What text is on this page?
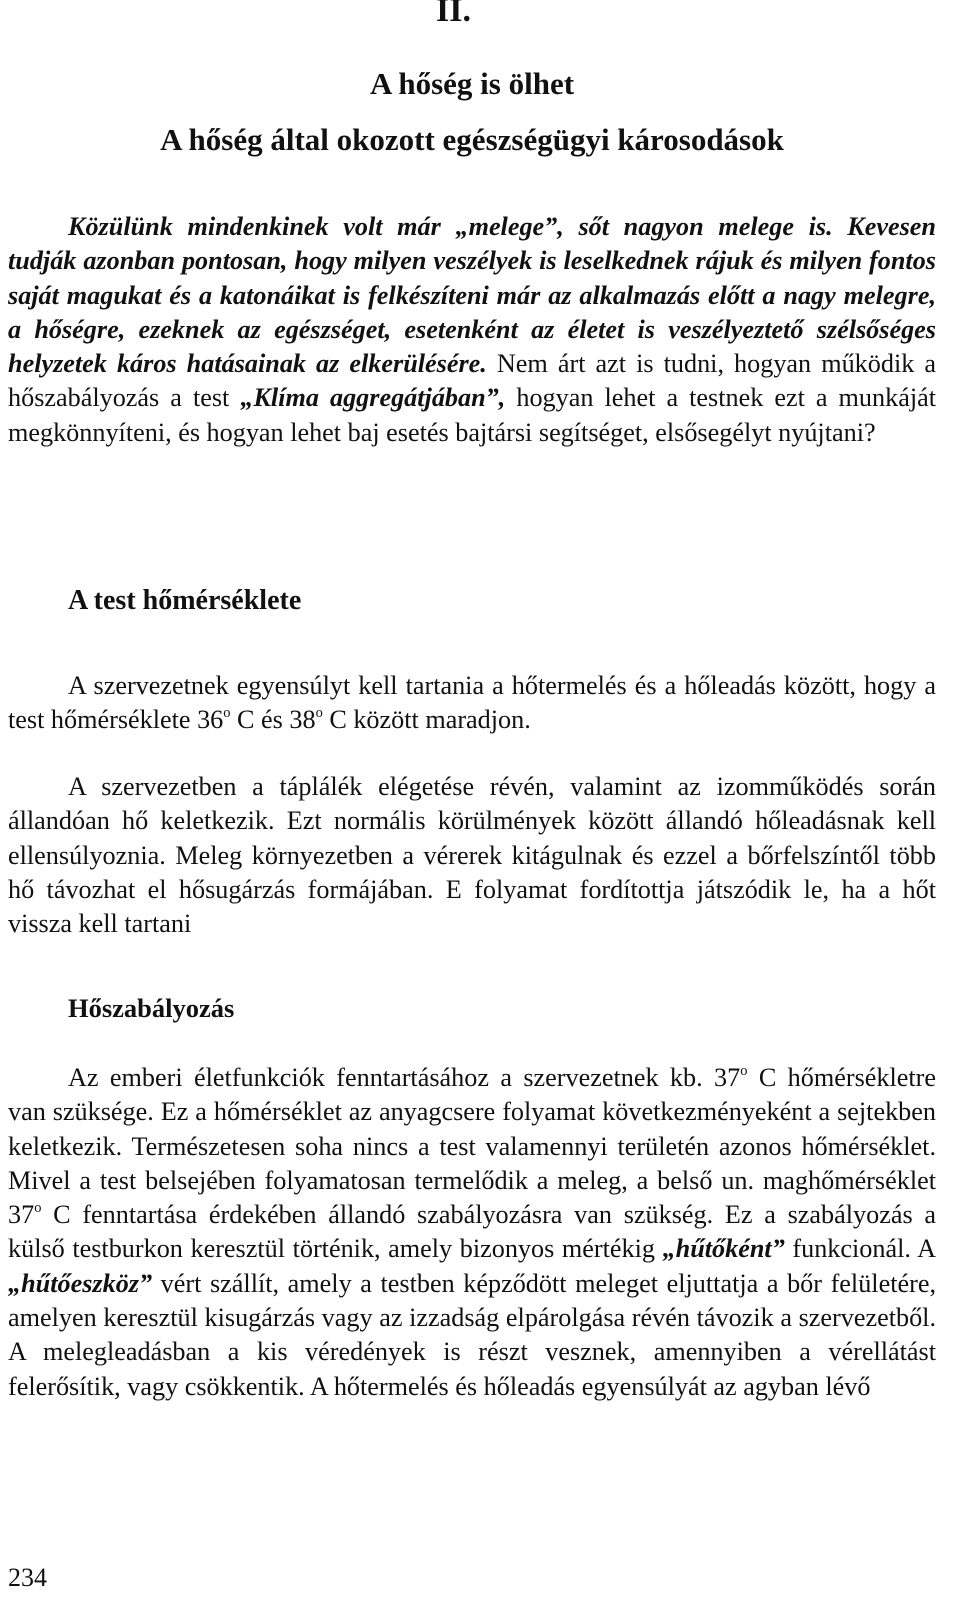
II.
A hőség is ölhet
A hőség által okozott egészségügyi károsodások

Közülünk mindenkinek volt már „melege”, sőt nagyon melege is. Kevesen tudják azonban pontosan, hogy milyen veszélyek is leselkednek rájuk és milyen fontos saját magukat és a katonáikat is felkészíteni már az alkalmazás előtt a nagy melegre, a hőségre, ezeknek az egészséget, esetenként az életet is veszélyeztető szélsőséges helyzetek káros hatásainak az elkerülésére. Nem árt azt is tudni, hogyan működik a hőszabályozás a test „Klíma aggregátjában”, hogyan lehet a testnek ezt a munkáját megkönnyíteni, és hogyan lehet baj esetés bajtársi segítséget, elsősegélyt nyújtani?

A test hőmérséklete

A szervezetnek egyensúlyt kell tartania a hőtermelés és a hőleadás között, hogy a test hőmérséklete 36$^o$ C és 38$^o$ C között maradjon.

A szervezetben a táplálék elégetése révén, valamint az izomműködés során állandóan hő keletkezik. Ezt normális körülmények között állandó hőleadásnak kell ellensúlyoznia. Meleg környezetben a vérerek kitágulnak és ezzel a bőrfelszíntől több hő távozhat el hősugárzás formájában. E folyamat fordítottja játszódik le, ha a hőt vissza kell tartani

Hőszabályozás

Az emberi életfunkciók fenntartásához a szervezetnek kb. 37$^o$ C hőmérsékletre van szüksége. Ez a hőmérséklet az anyagcsere folyamat következményeként a sejtekben keletkezik. Természetesen soha nincs a test valamennyi területén azonos hőmérséklet. Mivel a test belsejében folyamatosan termelődik a meleg, a belső un. maghőmérséklet 37$^o$ C fenntartása érdekében állandó szabályozásra van szükség. Ez a szabályozás a külső testburkon keresztül történik, amely bizonyos mértékig „hűtőként” funkcionál. A „hűtőeszköz” vért szállít, amely a testben képződött meleget eljuttatja a bőr felületére, amelyen keresztül kisugárzás vagy az izzadság elpárolgása révén távozik a szervezetből. A melegleadásban a kis véredények is részt vesznek, amennyiben a vérellátást felerősítik, vagy csökkentik. A hőtermelés és hőleadás egyensúlyát az agyban lévő

234
